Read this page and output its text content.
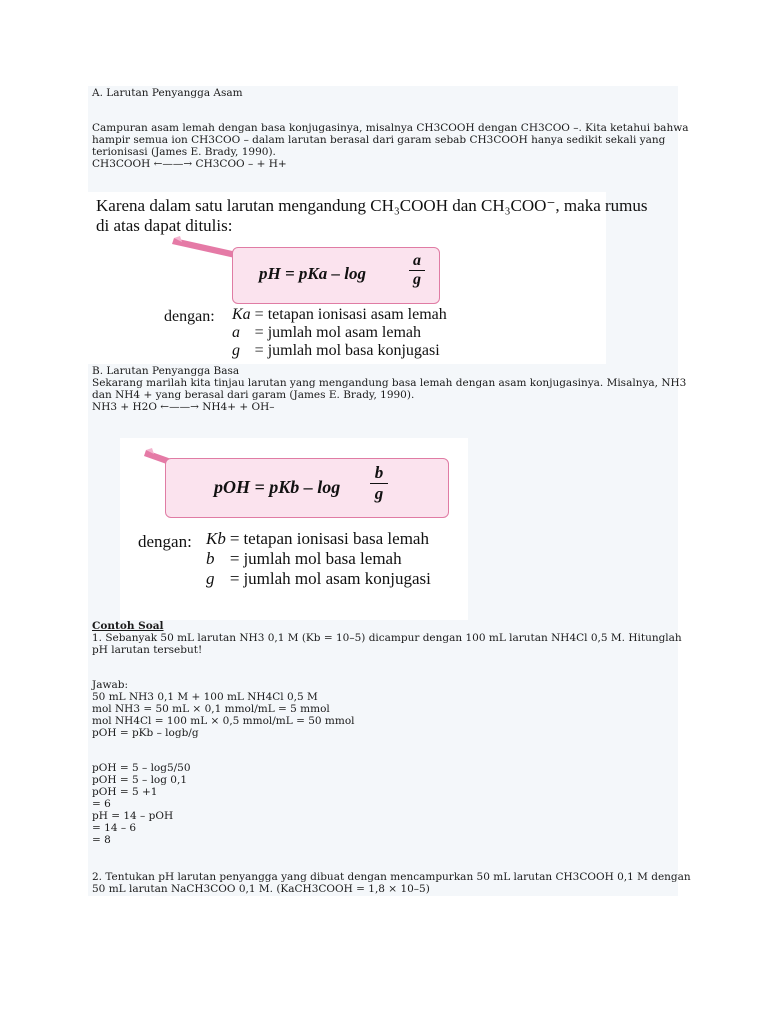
A. Larutan Penyangga Asam
Campuran asam lemah dengan basa konjugasinya, misalnya CH3COOH dengan CH3COO –. Kita ketahui bahwa
hampir semua ion CH3COO – dalam larutan berasal dari garam sebab CH3COOH hanya sedikit sekali yang
terionisasi (James E. Brady, 1990).
CH3COOH ←——→ CH3COO – + H+
Karena dalam satu larutan mengandung CH₃COOH dan CH₃COO⁻, maka rumus
di atas dapat ditulis:
pH = pKa – log
a
g
dengan: Ka	=	tetapan ionisasi asam lemah
a	=	jumlah mol asam lemah
g	=	jumlah mol basa konjugasi
B. Larutan Penyangga Basa
Sekarang marilah kita tinjau larutan yang mengandung basa lemah dengan asam konjugasinya. Misalnya, NH3
dan NH4 + yang berasal dari garam (James E. Brady, 1990).
NH3 + H2O ←——→ NH4+ + OH–
pOH = pKb – log
b
g
dengan: Kb	=	tetapan ionisasi basa lemah
b	=	jumlah mol basa lemah
g	=	jumlah mol asam konjugasi
Contoh Soal
1. Sebanyak 50 mL larutan NH3 0,1 M (Kb = 10–5) dicampur dengan 100 mL larutan NH4Cl 0,5 M. Hitunglah
pH larutan tersebut!
Jawab:
50 mL NH3 0,1 M + 100 mL NH4Cl 0,5 M
mol NH3 = 50 mL × 0,1 mmol/mL = 5 mmol
mol NH4Cl = 100 mL × 0,5 mmol/mL = 50 mmol
pOH = pKb – logb/g
pOH = 5 – log5/50
pOH = 5 – log 0,1
pOH = 5 +1
= 6
pH = 14 – pOH
= 14 – 6
= 8
2. Tentukan pH larutan penyangga yang dibuat dengan mencampurkan 50 mL larutan CH3COOH 0,1 M dengan
50 mL larutan NaCH3COO 0,1 M. (KaCH3COOH = 1,8 × 10–5)
